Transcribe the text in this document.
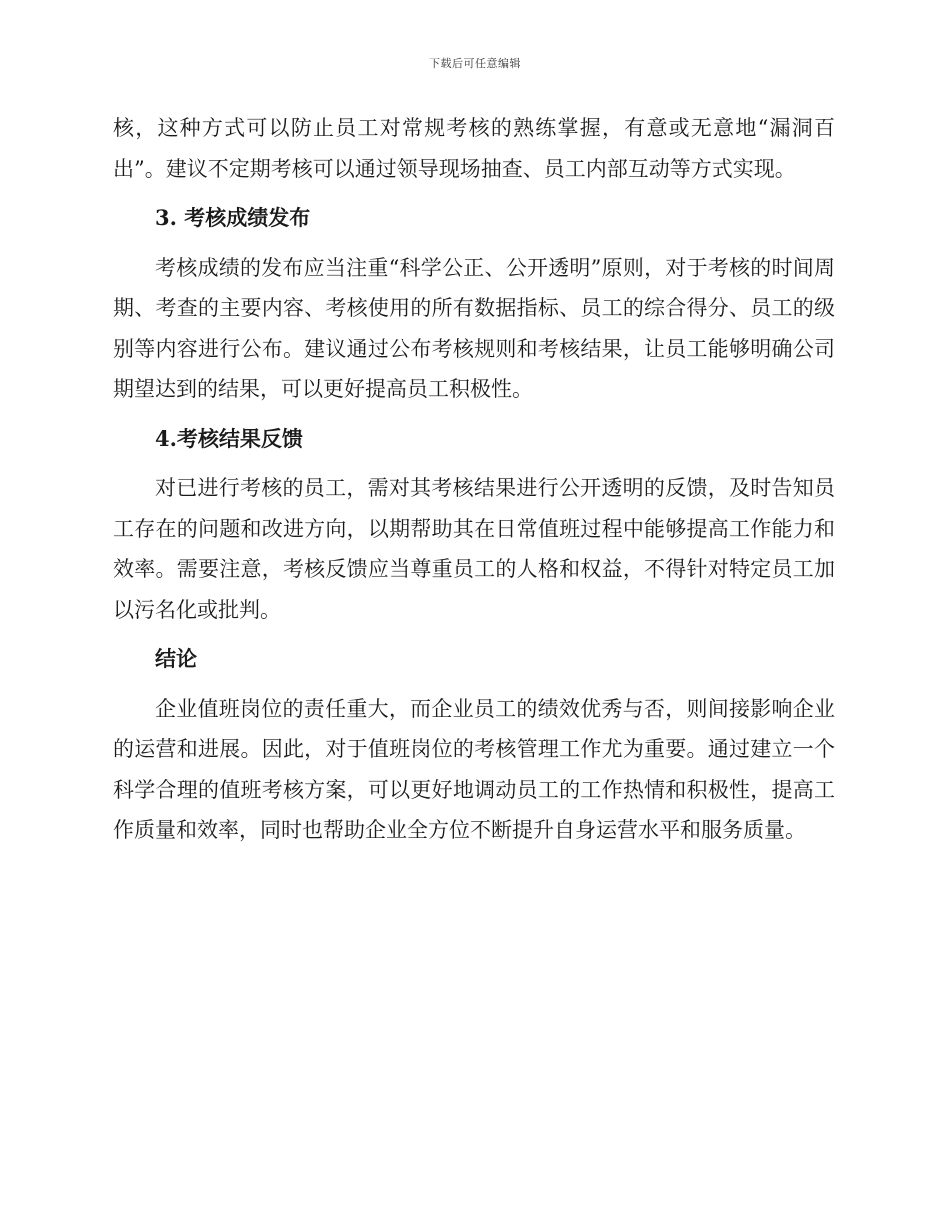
下载后可任意编辑

核，这种方式可以防止员工对常规考核的熟练掌握，有意或无意地“漏洞百出”。建议不定期考核可以通过领导现场抽查、员工内部互动等方式实现。

3. 考核成绩发布

考核成绩的发布应当注重“科学公正、公开透明”原则，对于考核的时间周期、考查的主要内容、考核使用的所有数据指标、员工的综合得分、员工的级别等内容进行公布。建议通过公布考核规则和考核结果，让员工能够明确公司期望达到的结果，可以更好提高员工积极性。

4.考核结果反馈

对已进行考核的员工，需对其考核结果进行公开透明的反馈，及时告知员工存在的问题和改进方向，以期帮助其在日常值班过程中能够提高工作能力和效率。需要注意，考核反馈应当尊重员工的人格和权益，不得针对特定员工加以污名化或批判。

结论

企业值班岗位的责任重大，而企业员工的绩效优秀与否，则间接影响企业的运营和进展。因此，对于值班岗位的考核管理工作尤为重要。通过建立一个科学合理的值班考核方案，可以更好地调动员工的工作热情和积极性，提高工作质量和效率，同时也帮助企业全方位不断提升自身运营水平和服务质量。
